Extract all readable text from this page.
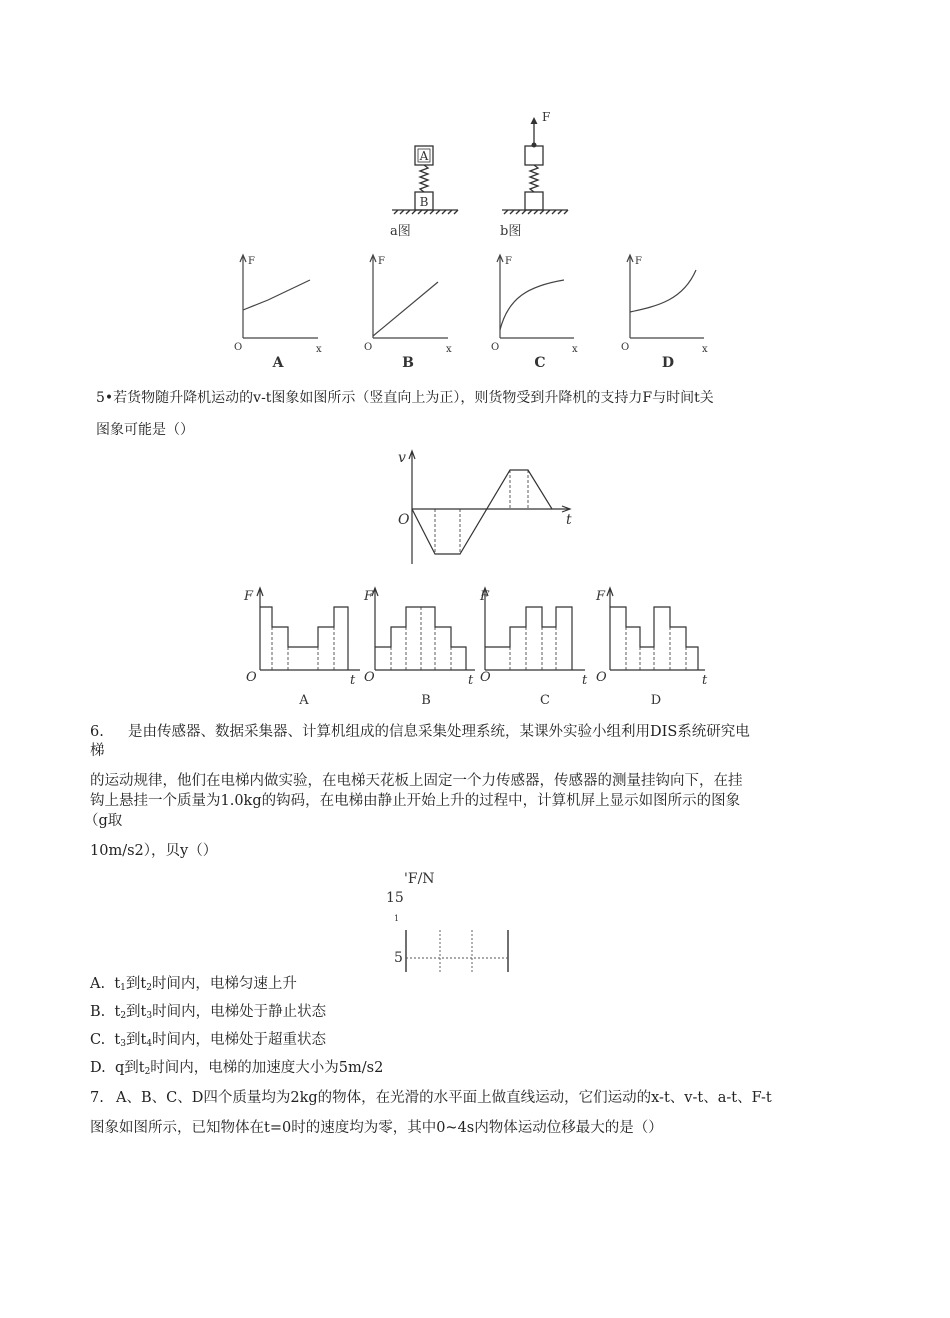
A
B
F
a图	b图
F
x
O
F
x
O
F
x
O
F
x
O
A	B	C	D
5•若货物随升降机运动的v-t图象如图所示（竖直向上为正），则货物受到升降机的支持力F与时间t关
图象可能是（）
v
t
O
F
O	t
F
O	t
F
O	t
F
O	t
A	B	C	D
6. 是由传感器、数据采集器、计算机组成的信息采集处理系统，某课外实验小组利用DIS系统研究电
梯
的运动规律，他们在电梯内做实验，在电梯天花板上固定一个力传感器，传感器的测量挂钩向下，在挂
钩上悬挂一个质量为1.0kg的钩码，在电梯由静止开始上升的过程中，计算机屏上显示如图所示的图象
（g取
10m/s2），贝y（）
'F/N
15
1
5
A. $t_1$到$t_2$时间内，电梯匀速上升
B. $t_2$到$t_3$时间内，电梯处于静止状态
C. $t_3$到$t_4$时间内，电梯处于超重状态
D. q到$t_2$时间内，电梯的加速度大小为5m/s2
7. A、B、C、D四个质量均为2kg的物体，在光滑的水平面上做直线运动，它们运动的x-t、v-t、a-t、F-t
图象如图所示，已知物体在t=0时的速度均为零，其中0~4s内物体运动位移最大的是（）
